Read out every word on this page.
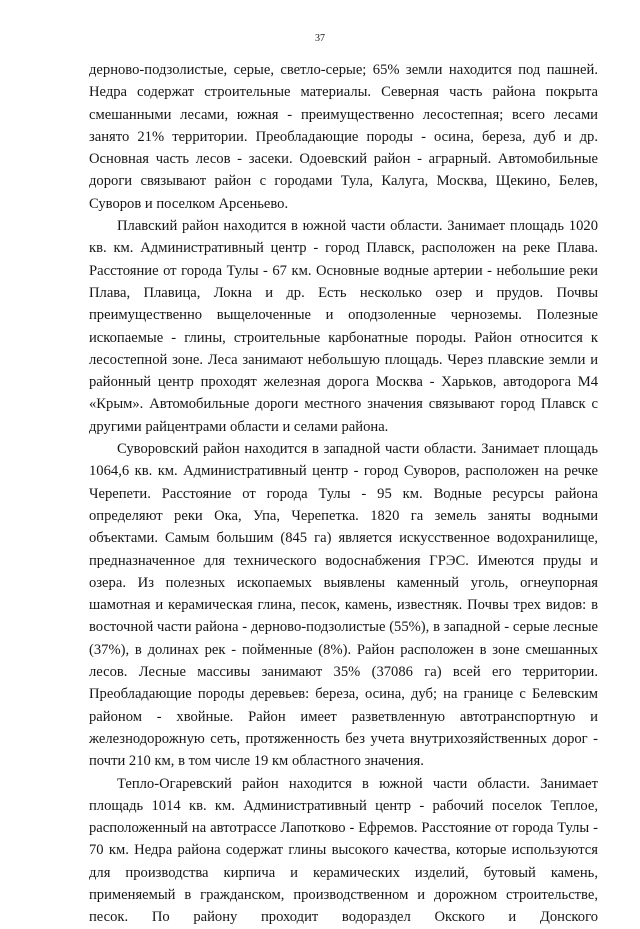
37

дерново-подзолистые, серые, светло-серые; 65% земли находится под пашней. Недра содержат строительные материалы. Северная часть района покрыта смешанными лесами, южная - преимущественно лесостепная; всего лесами занято 21% территории. Преобладающие породы - осина, береза, дуб и др. Основная часть лесов - засеки. Одоевский район - аграрный. Автомобильные дороги связывают район с городами Тула, Калуга, Москва, Щекино, Белев, Суворов и поселком Арсеньево.

Плавский район находится в южной части области. Занимает площадь 1020 кв. км. Административный центр - город Плавск, расположен на реке Плава. Расстояние от города Тулы - 67 км. Основные водные артерии - небольшие реки Плава, Плавица, Локна и др. Есть несколько озер и прудов. Почвы преимущественно выщелоченные и оподзоленные черноземы. Полезные ископаемые - глины, строительные карбонатные породы. Район относится к лесостепной зоне. Леса занимают небольшую площадь. Через плавские земли и районный центр проходят железная дорога Москва - Харьков, автодорога М4 «Крым». Автомобильные дороги местного значения связывают город Плавск с другими райцентрами области и селами района.

Суворовский район находится в западной части области. Занимает площадь 1064,6 кв. км. Административный центр - город Суворов, расположен на речке Черепети. Расстояние от города Тулы - 95 км. Водные ресурсы района определяют реки Ока, Упа, Черепетка. 1820 га земель заняты водными объектами. Самым большим (845 га) является искусственное водохранилище, предназначенное для технического водоснабжения ГРЭС. Имеются пруды и озера. Из полезных ископаемых выявлены каменный уголь, огнеупорная шамотная и керамическая глина, песок, камень, известняк. Почвы трех видов: в восточной части района - дерново-подзолистые (55%), в западной - серые лесные (37%), в долинах рек - пойменные (8%). Район расположен в зоне смешанных лесов. Лесные массивы занимают 35% (37086 га) всей его территории. Преобладающие породы деревьев: береза, осина, дуб; на границе с Белевским районом - хвойные. Район имеет разветвленную автотранспортную и железнодорожную сеть, протяженность без учета внутрихозяйственных дорог - почти 210 км, в том числе 19 км областного значения.

Тепло-Огаревский район находится в южной части области. Занимает площадь 1014 кв. км. Административный центр - рабочий поселок Теплое, расположенный на автотрассе Лапотково - Ефремов. Расстояние от города Тулы - 70 км. Недра района содержат глины высокого качества, которые используются для производства кирпича и керамических изделий, бутовый камень, применяемый в гражданском, производственном и дорожном строительстве, песок. По району проходит водораздел Окского и Донского
